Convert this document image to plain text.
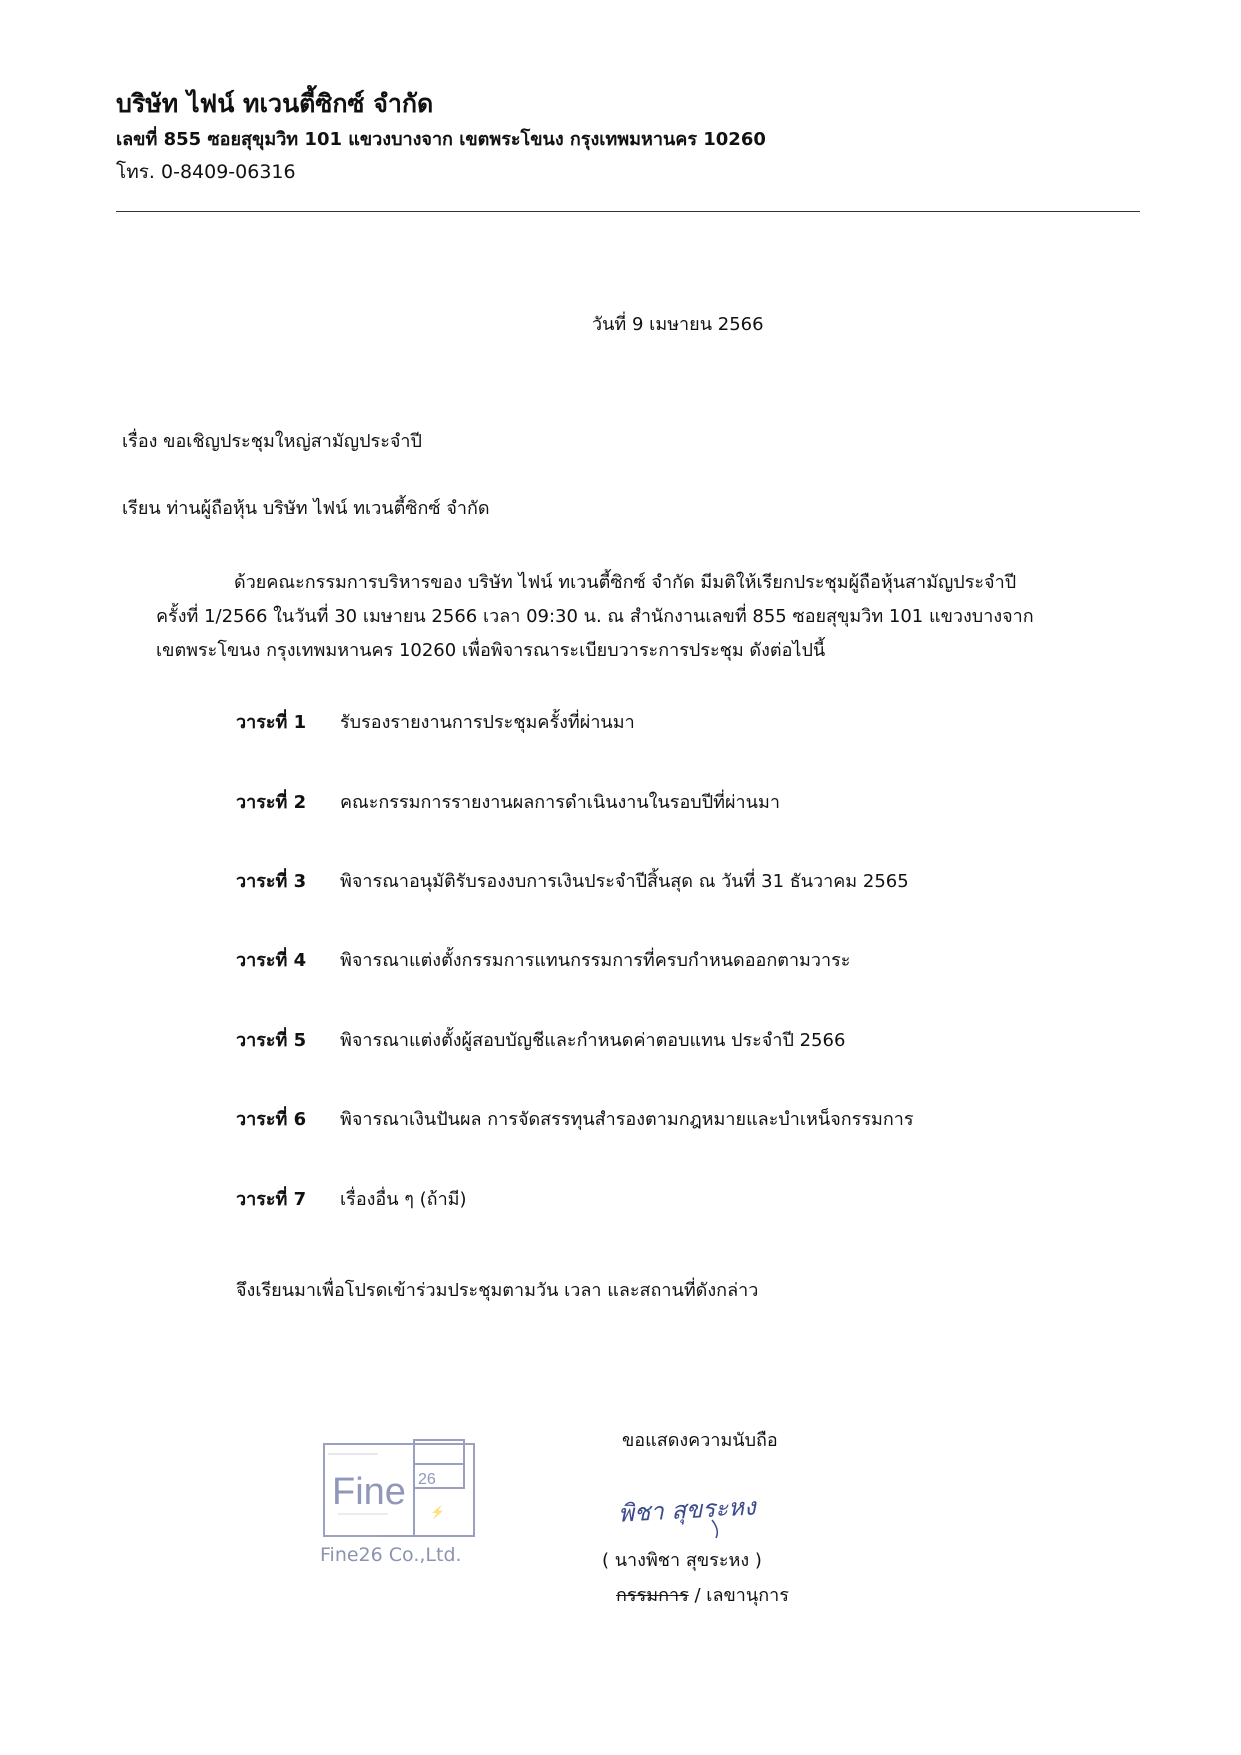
บริษัท ไฟน์ ทเวนตี้ซิกซ์ จำกัด
เลขที่ 855 ซอยสุขุมวิท 101 แขวงบางจาก เขตพระโขนง กรุงเทพมหานคร 10260
โทร. 0-8409-06316
วันที่ 9 เมษายน 2566
เรื่อง ขอเชิญประชุมใหญ่สามัญประจำปี
เรียน ท่านผู้ถือหุ้น บริษัท ไฟน์ ทเวนตี้ซิกซ์ จำกัด
ด้วยคณะกรรมการบริหารของ บริษัท ไฟน์ ทเวนตี้ซิกซ์ จำกัด มีมติให้เรียกประชุมผู้ถือหุ้นสามัญประจำปี
ครั้งที่ 1/2566 ในวันที่ 30 เมษายน 2566 เวลา 09:30 น. ณ สำนักงานเลขที่ 855 ซอยสุขุมวิท 101 แขวงบางจาก
เขตพระโขนง กรุงเทพมหานคร 10260 เพื่อพิจารณาระเบียบวาระการประชุม ดังต่อไปนี้
วาระที่ 1 รับรองรายงานการประชุมครั้งที่ผ่านมา
วาระที่ 2 คณะกรรมการรายงานผลการดำเนินงานในรอบปีที่ผ่านมา
วาระที่ 3 พิจารณาอนุมัติรับรองงบการเงินประจำปีสิ้นสุด ณ วันที่ 31 ธันวาคม 2565
วาระที่ 4 พิจารณาแต่งตั้งกรรมการแทนกรรมการที่ครบกำหนดออกตามวาระ
วาระที่ 5 พิจารณาแต่งตั้งผู้สอบบัญชีและกำหนดค่าตอบแทน ประจำปี 2566
วาระที่ 6 พิจารณาเงินปันผล การจัดสรรทุนสำรองตามกฎหมายและบำเหน็จกรรมการ
วาระที่ 7 เรื่องอื่น ๆ (ถ้ามี)
จึงเรียนมาเพื่อโปรดเข้าร่วมประชุมตามวัน เวลา และสถานที่ดังกล่าว
Fine 26
⚡
Fine26 Co.,Ltd.
ขอแสดงความนับถือ
พิชา สุขระหง
( นางพิชา สุขระหง )
กรรมการ / เลขานุการ
